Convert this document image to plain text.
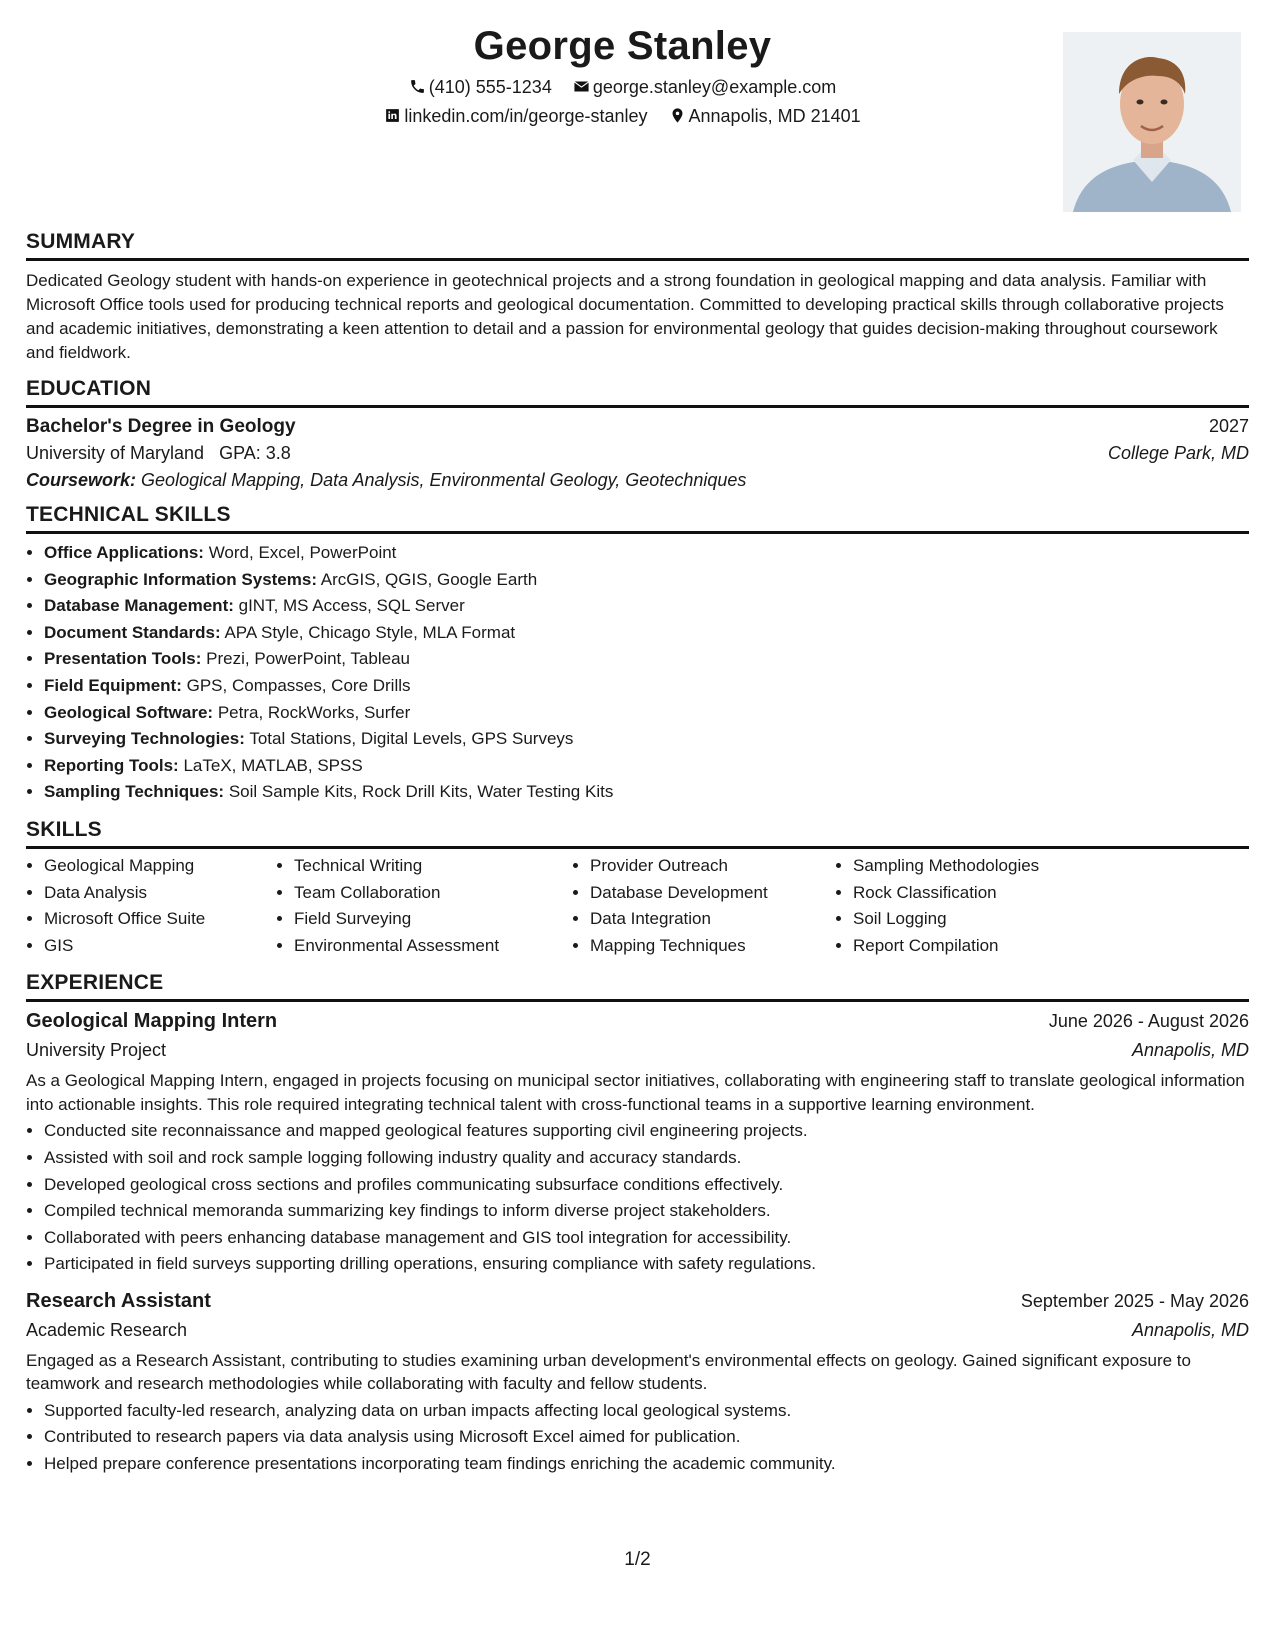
George Stanley
(410) 555-1234 george.stanley@example.com
linkedin.com/in/george-stanley Annapolis, MD 21401
SUMMARY
Dedicated Geology student with hands-on experience in geotechnical projects and a strong foundation in geological mapping and data analysis. Familiar with Microsoft Office tools used for producing technical reports and geological documentation. Committed to developing practical skills through collaborative projects and academic initiatives, demonstrating a keen attention to detail and a passion for environmental geology that guides decision-making throughout coursework and fieldwork.
EDUCATION
Bachelor's Degree in Geology	2027
University of Maryland GPA: 3.8	College Park, MD
Coursework: Geological Mapping, Data Analysis, Environmental Geology, Geotechniques
TECHNICAL SKILLS
• Office Applications: Word, Excel, PowerPoint
• Geographic Information Systems: ArcGIS, QGIS, Google Earth
• Database Management: gINT, MS Access, SQL Server
• Document Standards: APA Style, Chicago Style, MLA Format
• Presentation Tools: Prezi, PowerPoint, Tableau
• Field Equipment: GPS, Compasses, Core Drills
• Geological Software: Petra, RockWorks, Surfer
• Surveying Technologies: Total Stations, Digital Levels, GPS Surveys
• Reporting Tools: LaTeX, MATLAB, SPSS
• Sampling Techniques: Soil Sample Kits, Rock Drill Kits, Water Testing Kits
SKILLS
• Geological Mapping
• Data Analysis
• Microsoft Office Suite
• GIS
• Technical Writing
• Team Collaboration
• Field Surveying
• Environmental Assessment
• Provider Outreach
• Database Development
• Data Integration
• Mapping Techniques
• Sampling Methodologies
• Rock Classification
• Soil Logging
• Report Compilation
EXPERIENCE
Geological Mapping Intern	June 2026 - August 2026
University Project	Annapolis, MD
As a Geological Mapping Intern, engaged in projects focusing on municipal sector initiatives, collaborating with engineering staff to translate geological information into actionable insights. This role required integrating technical talent with cross-functional teams in a supportive learning environment.
• Conducted site reconnaissance and mapped geological features supporting civil engineering projects.
• Assisted with soil and rock sample logging following industry quality and accuracy standards.
• Developed geological cross sections and profiles communicating subsurface conditions effectively.
• Compiled technical memoranda summarizing key findings to inform diverse project stakeholders.
• Collaborated with peers enhancing database management and GIS tool integration for accessibility.
• Participated in field surveys supporting drilling operations, ensuring compliance with safety regulations.
Research Assistant	September 2025 - May 2026
Academic Research	Annapolis, MD
Engaged as a Research Assistant, contributing to studies examining urban development's environmental effects on geology. Gained significant exposure to teamwork and research methodologies while collaborating with faculty and fellow students.
• Supported faculty-led research, analyzing data on urban impacts affecting local geological systems.
• Contributed to research papers via data analysis using Microsoft Excel aimed for publication.
• Helped prepare conference presentations incorporating team findings enriching the academic community.
1/2
